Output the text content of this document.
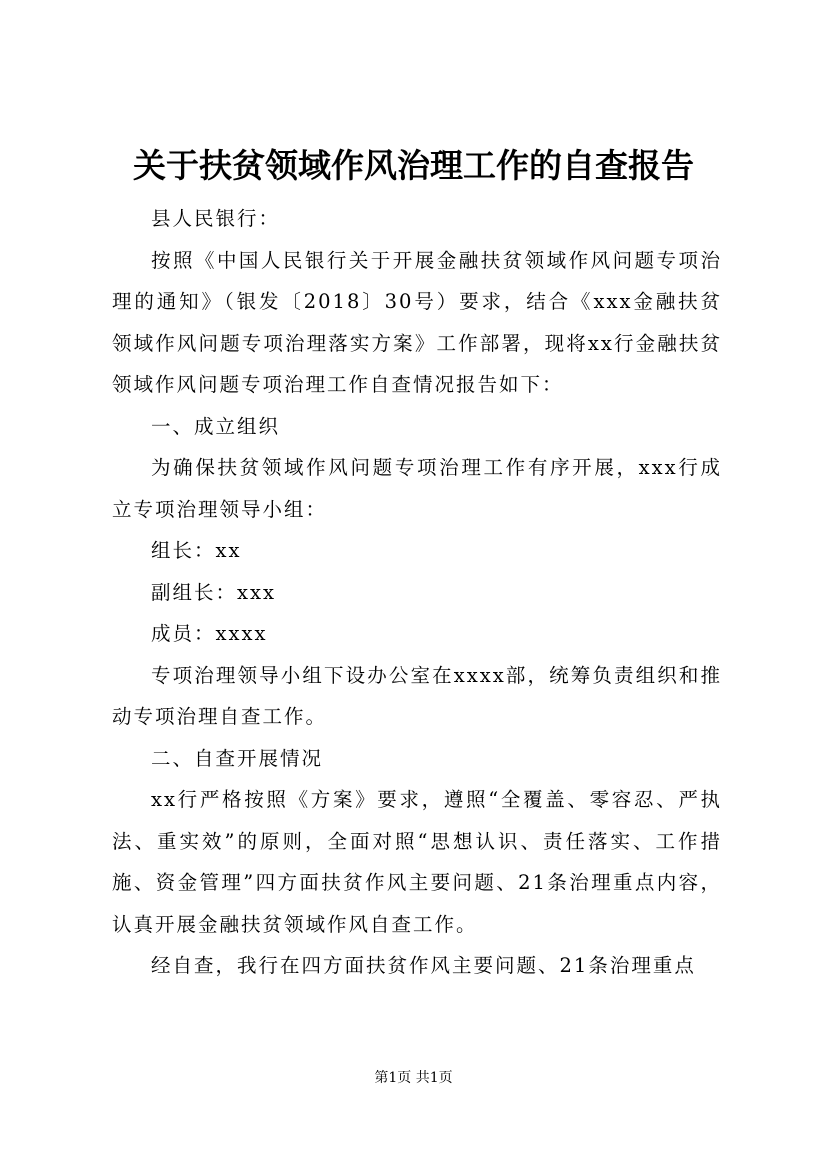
关于扶贫领域作风治理工作的自查报告

县人民银行：

按照《中国人民银行关于开展金融扶贫领域作风问题专项治理的通知》（银发〔2018〕30号）要求，结合《xxx金融扶贫领域作风问题专项治理落实方案》工作部署，现将xx行金融扶贫领域作风问题专项治理工作自查情况报告如下：

一、成立组织

为确保扶贫领域作风问题专项治理工作有序开展，xxx行成立专项治理领导小组：

组长：xx

副组长：xxx

成员：xxxx

专项治理领导小组下设办公室在xxxx部，统筹负责组织和推动专项治理自查工作。

二、自查开展情况

xx行严格按照《方案》要求，遵照“全覆盖、零容忍、严执法、重实效”的原则，全面对照“思想认识、责任落实、工作措施、资金管理”四方面扶贫作风主要问题、21条治理重点内容，认真开展金融扶贫领域作风自查工作。

经自查，我行在四方面扶贫作风主要问题、21条治理重点

第1页 共1页
